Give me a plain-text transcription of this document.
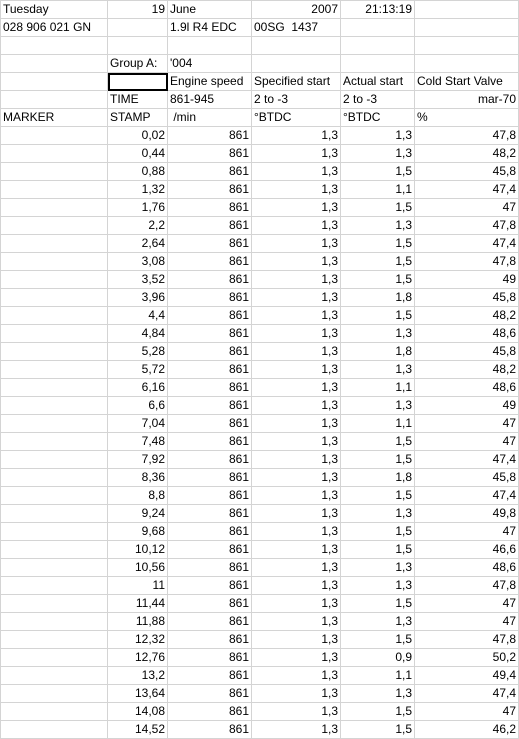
Tuesday	19	June	2007	21:13:19	
028 906 021 GN		1.9l R4 EDC	00SG 1437		

	Group A:	'004			
		Engine speed	Specified start	Actual start	Cold Start Valve
	TIME	861-945	2 to -3	2 to -3	mar-70
MARKER	STAMP	/min	°BTDC	°BTDC	%
	0,02	861	1,3	1,3	47,8
	0,44	861	1,3	1,3	48,2
	0,88	861	1,3	1,5	45,8
	1,32	861	1,3	1,1	47,4
	1,76	861	1,3	1,5	47
	2,2	861	1,3	1,3	47,8
	2,64	861	1,3	1,5	47,4
	3,08	861	1,3	1,5	47,8
	3,52	861	1,3	1,5	49
	3,96	861	1,3	1,8	45,8
	4,4	861	1,3	1,5	48,2
	4,84	861	1,3	1,3	48,6
	5,28	861	1,3	1,8	45,8
	5,72	861	1,3	1,3	48,2
	6,16	861	1,3	1,1	48,6
	6,6	861	1,3	1,3	49
	7,04	861	1,3	1,1	47
	7,48	861	1,3	1,5	47
	7,92	861	1,3	1,5	47,4
	8,36	861	1,3	1,8	45,8
	8,8	861	1,3	1,5	47,4
	9,24	861	1,3	1,3	49,8
	9,68	861	1,3	1,5	47
	10,12	861	1,3	1,5	46,6
	10,56	861	1,3	1,3	48,6
	11	861	1,3	1,3	47,8
	11,44	861	1,3	1,5	47
	11,88	861	1,3	1,3	47
	12,32	861	1,3	1,5	47,8
	12,76	861	1,3	0,9	50,2
	13,2	861	1,3	1,1	49,4
	13,64	861	1,3	1,3	47,4
	14,08	861	1,3	1,5	47
	14,52	861	1,3	1,5	46,2
